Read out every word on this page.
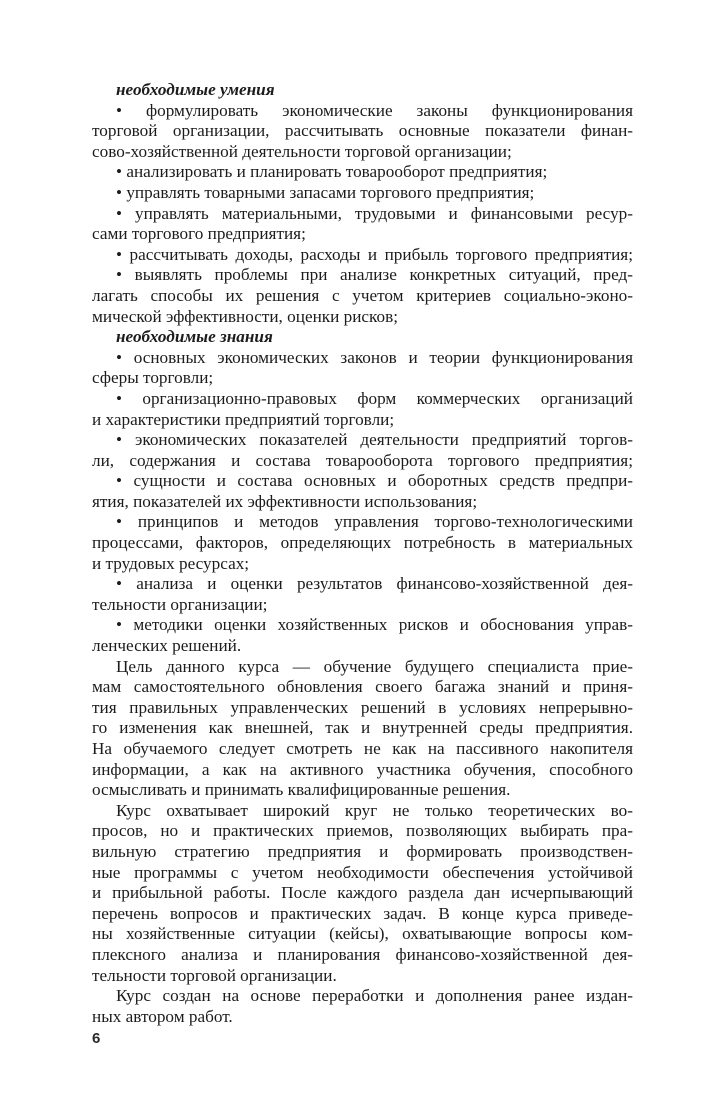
необходимые умения
• формулировать экономические законы функционирования
торговой организации, рассчитывать основные показатели финан-
сово-хозяйственной деятельности торговой организации;
• анализировать и планировать товарооборот предприятия;
• управлять товарными запасами торгового предприятия;
• управлять материальными, трудовыми и финансовыми ресур-
сами торгового предприятия;
• рассчитывать доходы, расходы и прибыль торгового предприятия;
• выявлять проблемы при анализе конкретных ситуаций, пред-
лагать способы их решения с учетом критериев социально-эконо-
мической эффективности, оценки рисков;
необходимые знания
• основных экономических законов и теории функционирования
сферы торговли;
• организационно-правовых форм коммерческих организаций
и характеристики предприятий торговли;
• экономических показателей деятельности предприятий торгов-
ли, содержания и состава товарооборота торгового предприятия;
• сущности и состава основных и оборотных средств предпри-
ятия, показателей их эффективности использования;
• принципов и методов управления торгово-технологическими
процессами, факторов, определяющих потребность в материальных
и трудовых ресурсах;
• анализа и оценки результатов финансово-хозяйственной дея-
тельности организации;
• методики оценки хозяйственных рисков и обоснования управ-
ленческих решений.
Цель данного курса — обучение будущего специалиста прие-
мам самостоятельного обновления своего багажа знаний и приня-
тия правильных управленческих решений в условиях непрерывно-
го изменения как внешней, так и внутренней среды предприятия.
На обучаемого следует смотреть не как на пассивного накопителя
информации, а как на активного участника обучения, способного
осмысливать и принимать квалифицированные решения.
Курс охватывает широкий круг не только теоретических во-
просов, но и практических приемов, позволяющих выбирать пра-
вильную стратегию предприятия и формировать производствен-
ные программы с учетом необходимости обеспечения устойчивой
и прибыльной работы. После каждого раздела дан исчерпывающий
перечень вопросов и практических задач. В конце курса приведе-
ны хозяйственные ситуации (кейсы), охватывающие вопросы ком-
плексного анализа и планирования финансово-хозяйственной дея-
тельности торговой организации.
Курс создан на основе переработки и дополнения ранее издан-
ных автором работ.
6
